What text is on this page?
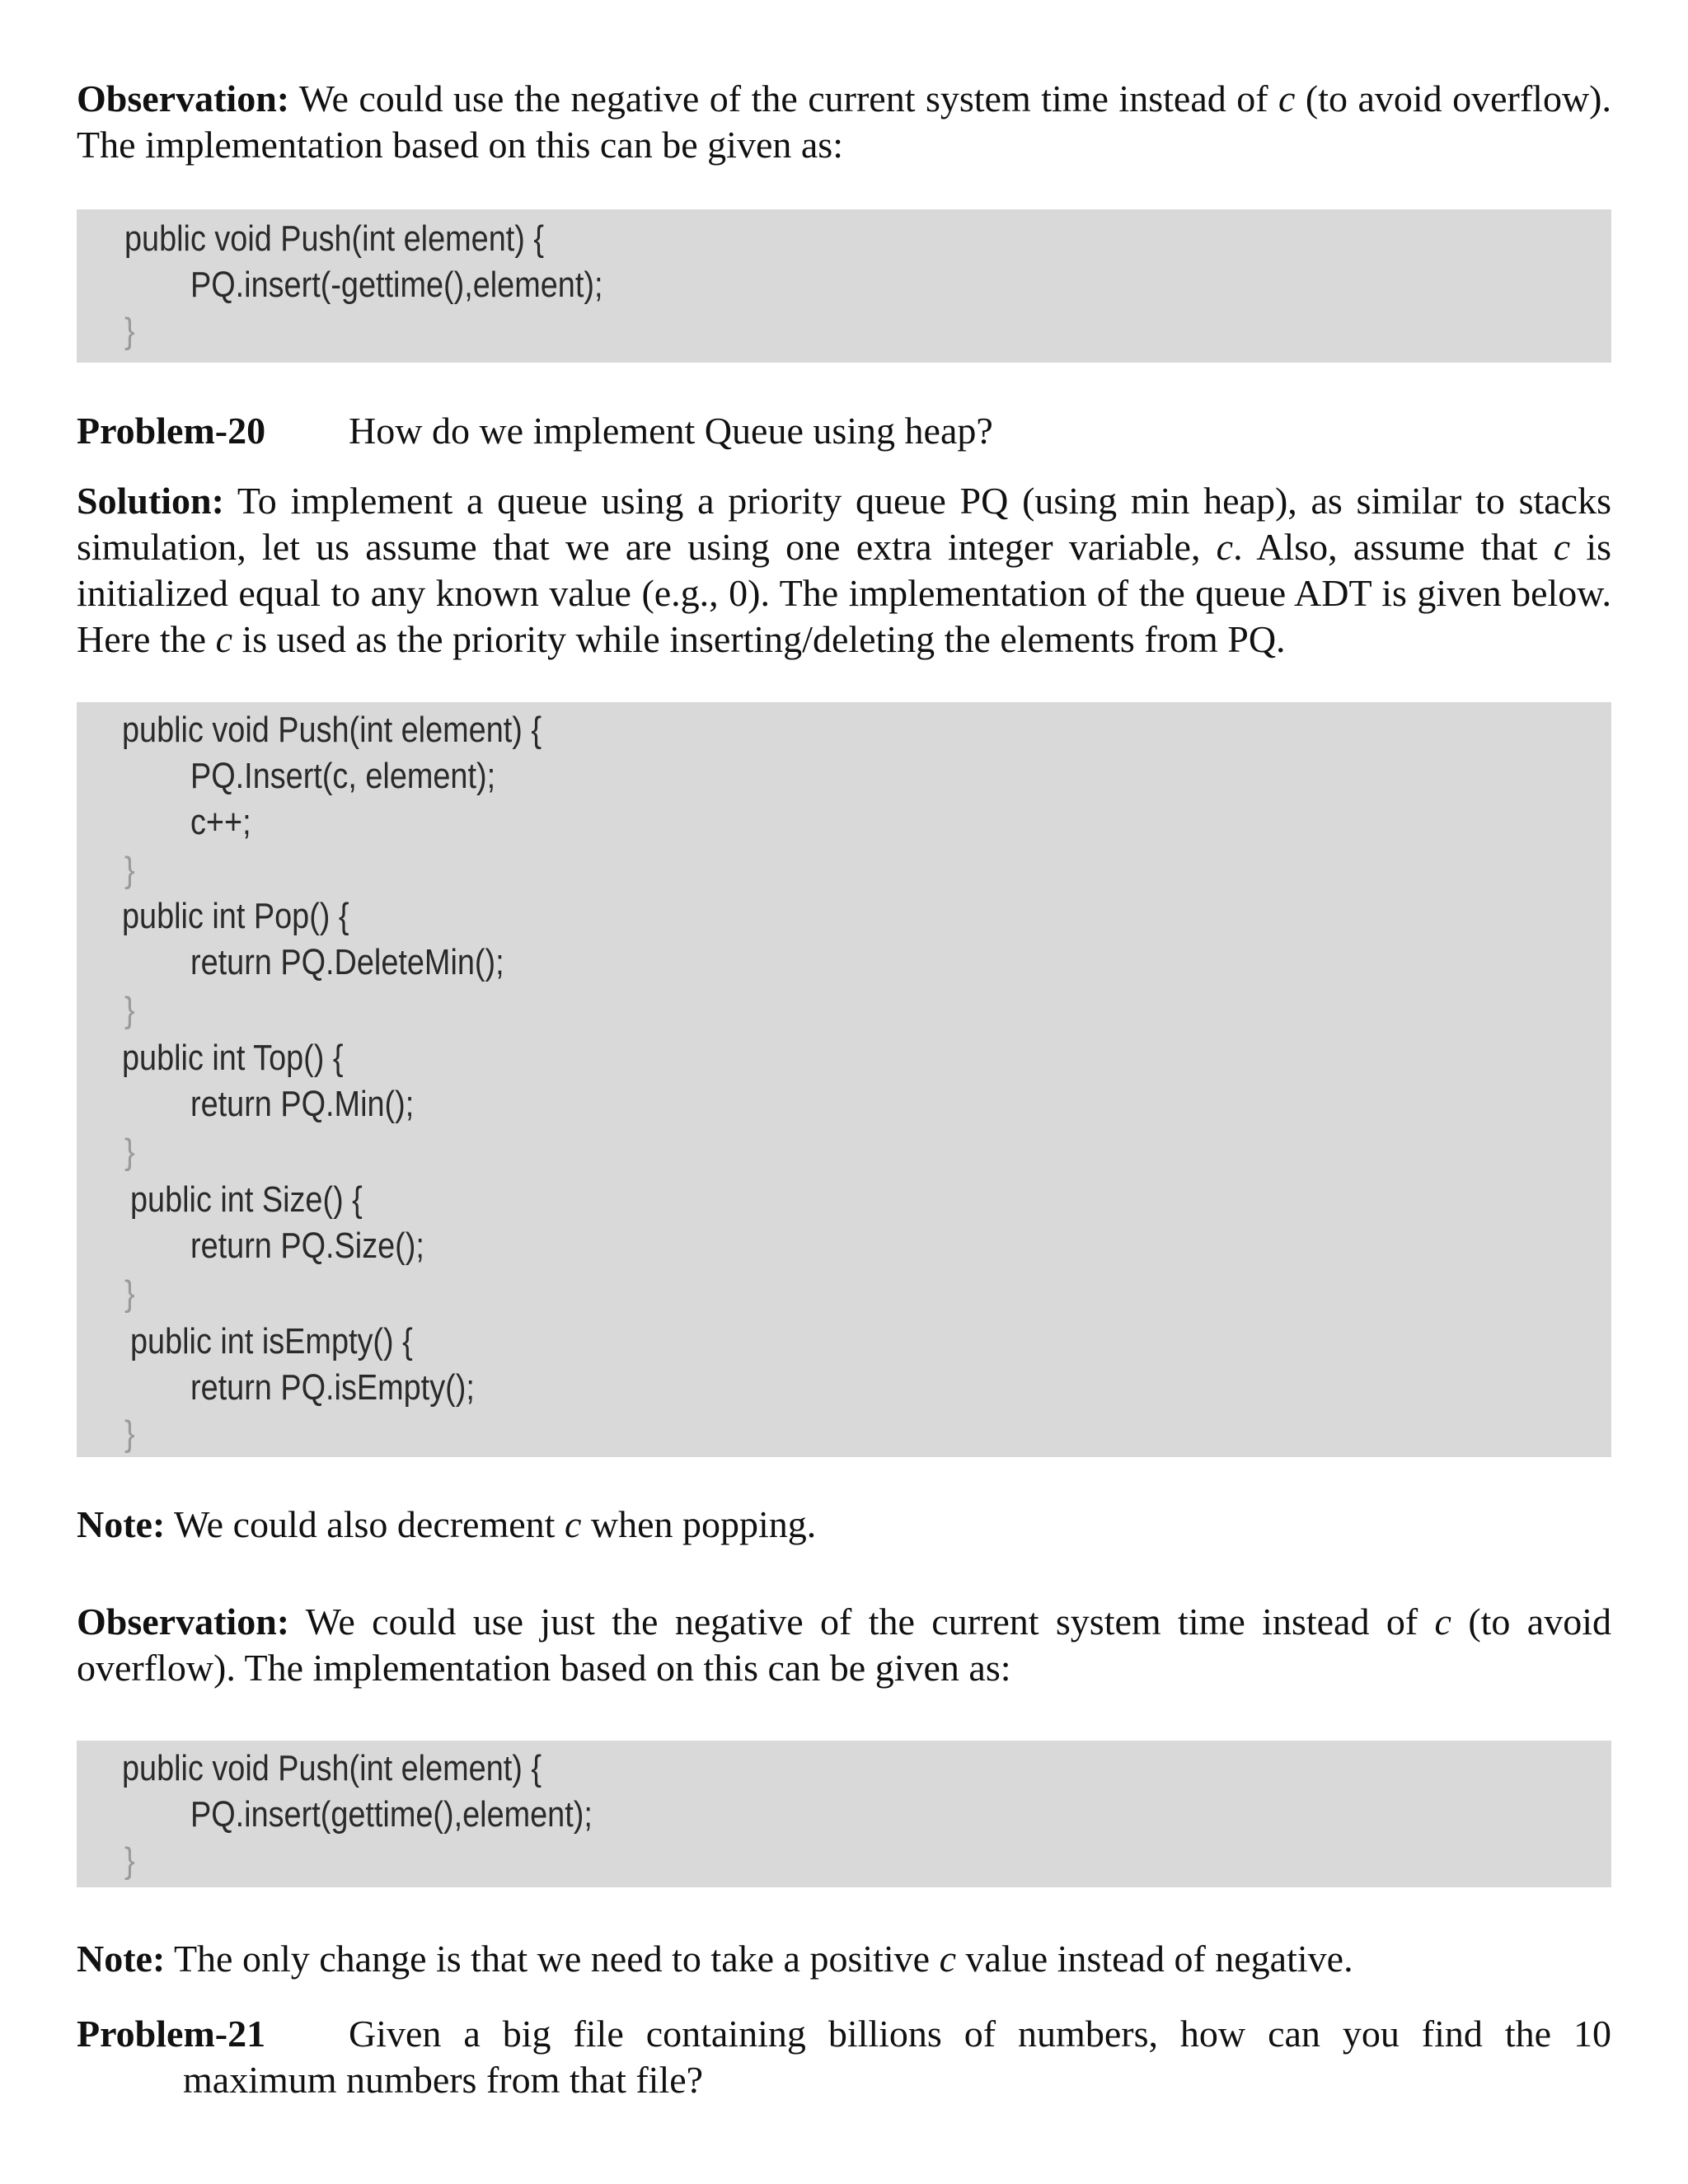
Observation: We could use the negative of the current system time instead of c (to avoid overflow). The implementation based on this can be given as:

public void Push(int element) {
PQ.insert(-gettime(),element);
}
Problem-20 How do we implement Queue using heap?

Solution: To implement a queue using a priority queue PQ (using min heap), as similar to stacks simulation, let us assume that we are using one extra integer variable, c. Also, assume that c is initialized equal to any known value (e.g., 0). The implementation of the queue ADT is given below. Here the c is used as the priority while inserting/deleting the elements from PQ.

public void Push(int element) {
PQ.Insert(c, element);
c++;
}
public int Pop() {
return PQ.DeleteMin();
}
public int Top() {
return PQ.Min();
}
public int Size() {
return PQ.Size();
}
public int isEmpty() {
return PQ.isEmpty();
}

Note: We could also decrement c when popping.

Observation: We could use just the negative of the current system time instead of c (to avoid overflow). The implementation based on this can be given as:

public void Push(int element) {
PQ.insert(gettime(),element);
}

Note: The only change is that we need to take a positive c value instead of negative.

Problem-21 Given a big file containing billions of numbers, how can you find the 10
maximum numbers from that file?
